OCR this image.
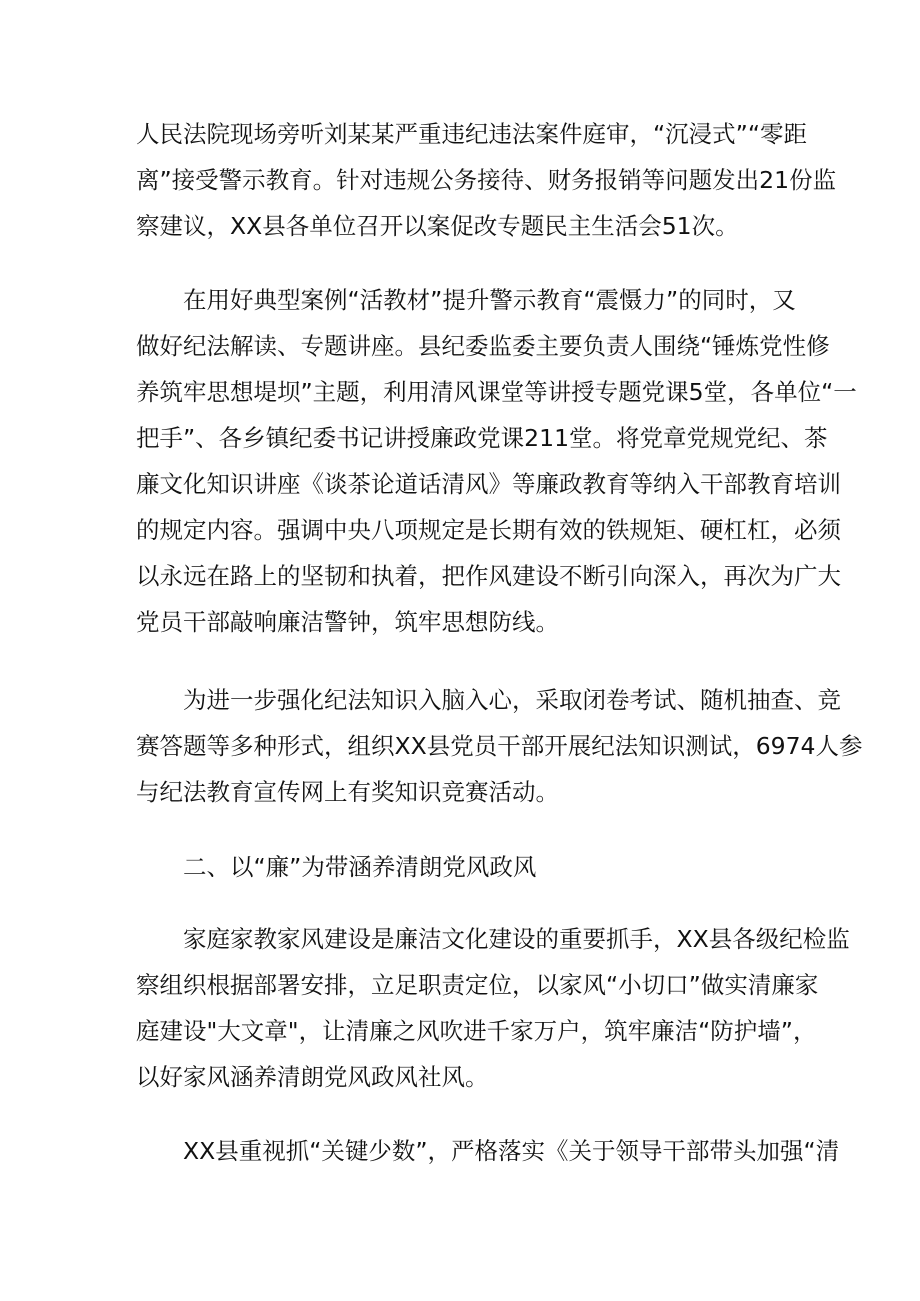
人民法院现场旁听刘某某严重违纪违法案件庭审，“沉浸式”“零距
离”接受警示教育。针对违规公务接待、财务报销等问题发出21份监
察建议，XX县各单位召开以案促改专题民主生活会51次。
在用好典型案例“活教材”提升警示教育“震慑力”的同时，又
做好纪法解读、专题讲座。县纪委监委主要负责人围绕“锤炼党性修
养筑牢思想堤坝”主题，利用清风课堂等讲授专题党课5堂，各单位“一
把手”、各乡镇纪委书记讲授廉政党课211堂。将党章党规党纪、茶
廉文化知识讲座《谈茶论道话清风》等廉政教育等纳入干部教育培训
的规定内容。强调中央八项规定是长期有效的铁规矩、硬杠杠，必须
以永远在路上的坚韧和执着，把作风建设不断引向深入，再次为广大
党员干部敲响廉洁警钟，筑牢思想防线。
为进一步强化纪法知识入脑入心，采取闭卷考试、随机抽查、竞
赛答题等多种形式，组织XX县党员干部开展纪法知识测试，6974人参
与纪法教育宣传网上有奖知识竞赛活动。
二、以“廉”为带涵养清朗党风政风
家庭家教家风建设是廉洁文化建设的重要抓手，XX县各级纪检监
察组织根据部署安排，立足职责定位，以家风“小切口”做实清廉家
庭建设"大文章"，让清廉之风吹进千家万户，筑牢廉洁“防护墙”，
以好家风涵养清朗党风政风社风。
XX县重视抓“关键少数”，严格落实《关于领导干部带头加强“清
